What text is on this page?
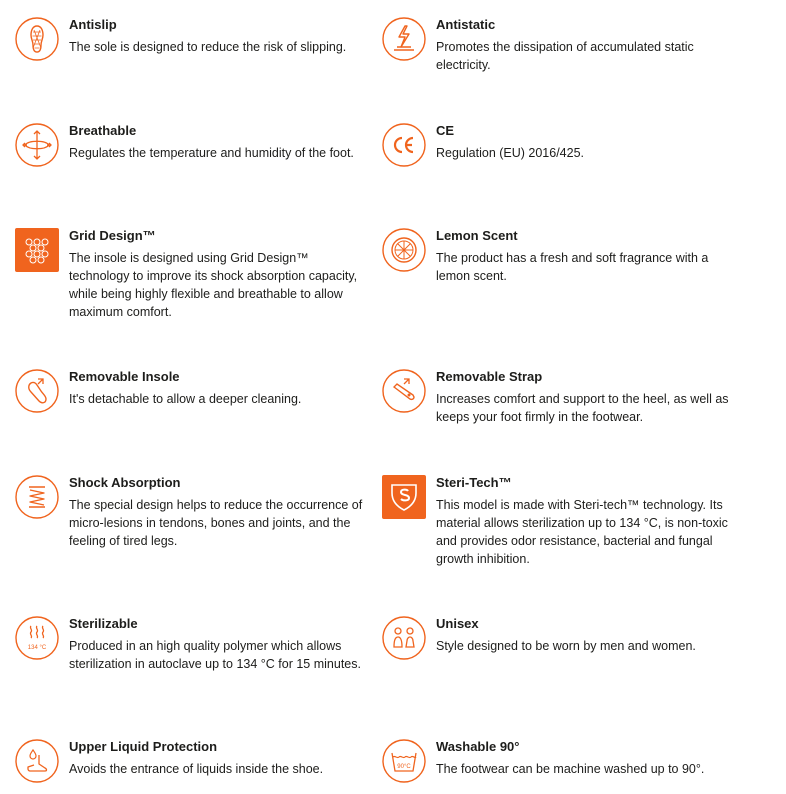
Antislip

The sole is designed to reduce the risk of slipping.

Antistatic

Promotes the dissipation of accumulated static electricity.

Breathable

Regulates the temperature and humidity of the foot.

CE

Regulation (EU) 2016/425.

Grid Design™

The insole is designed using Grid Design™ technology to improve its shock absorption capacity, while being highly flexible and breathable to allow maximum comfort.

Lemon Scent

The product has a fresh and soft fragrance with a lemon scent.

Removable Insole

It's detachable to allow a deeper cleaning.

Removable Strap

Increases comfort and support to the heel, as well as keeps your foot firmly in the footwear.

Shock Absorption

The special design helps to reduce the occurrence of micro-lesions in tendons, bones and joints, and the feeling of tired legs.

Steri-Tech™

This model is made with Steri-tech™ technology. Its material allows sterilization up to 134 °C, is non-toxic and provides odor resistance, bacterial and fungal growth inhibition.

134 °C
Sterilizable

Produced in an high quality polymer which allows sterilization in autoclave up to 134 °C for 15 minutes.

Unisex

Style designed to be worn by men and women.

Upper Liquid Protection

Avoids the entrance of liquids inside the shoe.	90°C
Washable 90°

The footwear can be machine washed up to 90°.
